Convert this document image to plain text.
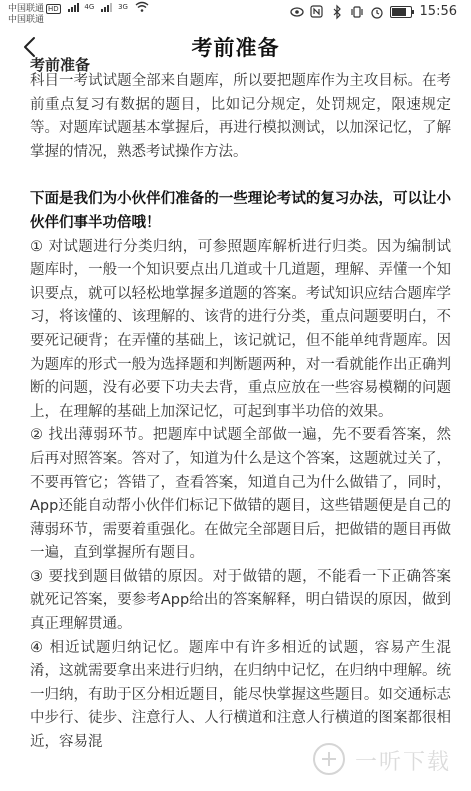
中国联通 HD	$^{4G}$	$^{3G}$
中国联通
15:56
考前准备
考前准备

科目一考试试题全部来自题库，所以要把题库作为主攻目标。在考前重点复习有数据的题目，比如记分规定，处罚规定，限速规定等。对题库试题基本掌握后，再进行模拟测试，以加深记忆，了解掌握的情况，熟悉考试操作方法。

下面是我们为小伙伴们准备的一些理论考试的复习办法，可以让小伙伴们事半功倍哦！

① 对试题进行分类归纳，可参照题库解析进行归类。因为编制试题库时，一般一个知识要点出几道或十几道题，理解、弄懂一个知识要点，就可以轻松地掌握多道题的答案。考试知识应结合题库学习，将该懂的、该理解的、该背的进行分类，重点问题要明白，不要死记硬背；在弄懂的基础上，该记就记，但不能单纯背题库。因为题库的形式一般为选择题和判断题两种，对一看就能作出正确判断的问题，没有必要下功夫去背，重点应放在一些容易模糊的问题上，在理解的基础上加深记忆，可起到事半功倍的效果。

② 找出薄弱环节。把题库中试题全部做一遍，先不要看答案，然后再对照答案。答对了，知道为什么是这个答案，这题就过关了，不要再管它；答错了，查看答案，知道自己为什么做错了，同时，App还能自动帮小伙伴们标记下做错的题目，这些错题便是自己的薄弱环节，需要着重强化。在做完全部题目后，把做错的题目再做一遍，直到掌握所有题目。

③ 要找到题目做错的原因。对于做错的题，不能看一下正确答案就死记答案，要参考App给出的答案解释，明白错误的原因，做到真正理解贯通。

④ 相近试题归纳记忆。题库中有许多相近的试题，容易产生混淆，这就需要拿出来进行归纳，在归纳中记忆，在归纳中理解。统一归纳，有助于区分相近题目，能尽快掌握这些题目。如交通标志中步行、徒步、注意行人、人行横道和注意人行横道的图案都很相近，容易混

一听下载
